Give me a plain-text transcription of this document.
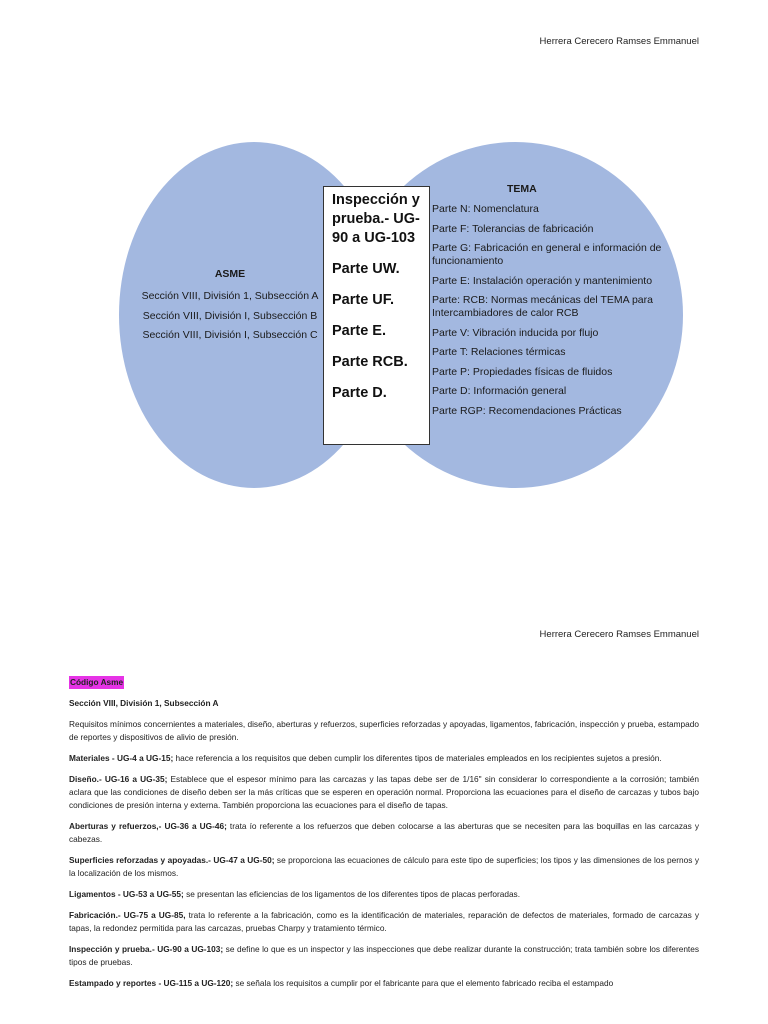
Herrera Cerecero Ramses Emmanuel
ASME
Sección VIII, División 1, Subsección A
Sección VIII, División I, Subsección B
Sección VIII, División I, Subsección C
TEMA
Parte N: Nomenclatura
Parte F: Tolerancias de fabricación
Parte G: Fabricación en general e información de funcionamiento
Parte E: Instalación operación y mantenimiento
Parte: RCB: Normas mecánicas del TEMA para Intercambiadores de calor RCB
Parte V: Vibración inducida por flujo
Parte T: Relaciones térmicas
Parte P: Propiedades físicas de fluidos
Parte D: Información general
Parte RGP: Recomendaciones Prácticas
Inspección y prueba.- UG-90 a UG-103
Parte UW.
Parte UF.
Parte E.
Parte RCB.
Parte D.
Herrera Cerecero Ramses Emmanuel

Código Asme

Sección VIII, División 1, Subsección A

Requisitos mínimos concernientes a materiales, diseño, aberturas y refuerzos, superficies reforzadas y apoyadas, ligamentos, fabricación, inspección y prueba, estampado de reportes y dispositivos de alivio de presión.

Materiales - UG-4 a UG-15; hace referencia a los requisitos que deben cumplir los diferentes tipos de materiales empleados en los recipientes sujetos a presión.

Diseño.- UG-16 a UG-35; Establece que el espesor mínimo para las carcazas y las tapas debe ser de 1/16" sin considerar lo correspondiente a la corrosión; también aclara que las condiciones de diseño deben ser la más críticas que se esperen en operación normal. Proporciona las ecuaciones para el diseño de carcazas y tubos bajo condiciones de presión interna y externa. También proporciona las ecuaciones para el diseño de tapas.

Aberturas y refuerzos,- UG-36 a UG-46; trata ío referente a los refuerzos que deben colocarse a las aberturas que se necesiten para las boquillas en las carcazas y cabezas.

Superficies reforzadas y apoyadas.- UG-47 a UG-50; se proporciona las ecuaciones de cálculo para este tipo de superficies; los tipos y las dimensiones de los pernos y la localización de los mismos.

Ligamentos - UG-53 a UG-55; se presentan las eficiencias de los ligamentos de los diferentes tipos de placas perforadas.

Fabricación.- UG-75 a UG-85, trata lo referente a la fabricación, como es la identificación de materiales, reparación de defectos de materiales, formado de carcazas y tapas, la redondez permitida para las carcazas, pruebas Charpy y tratamiento térmico.

Inspección y prueba.- UG-90 a UG-103; se define lo que es un inspector y las inspecciones que debe realizar durante la construcción; trata también sobre los diferentes tipos de pruebas.

Estampado y reportes - UG-115 a UG-120; se señala los requisitos a cumplir por el fabricante para que el elemento fabricado reciba el estampado
